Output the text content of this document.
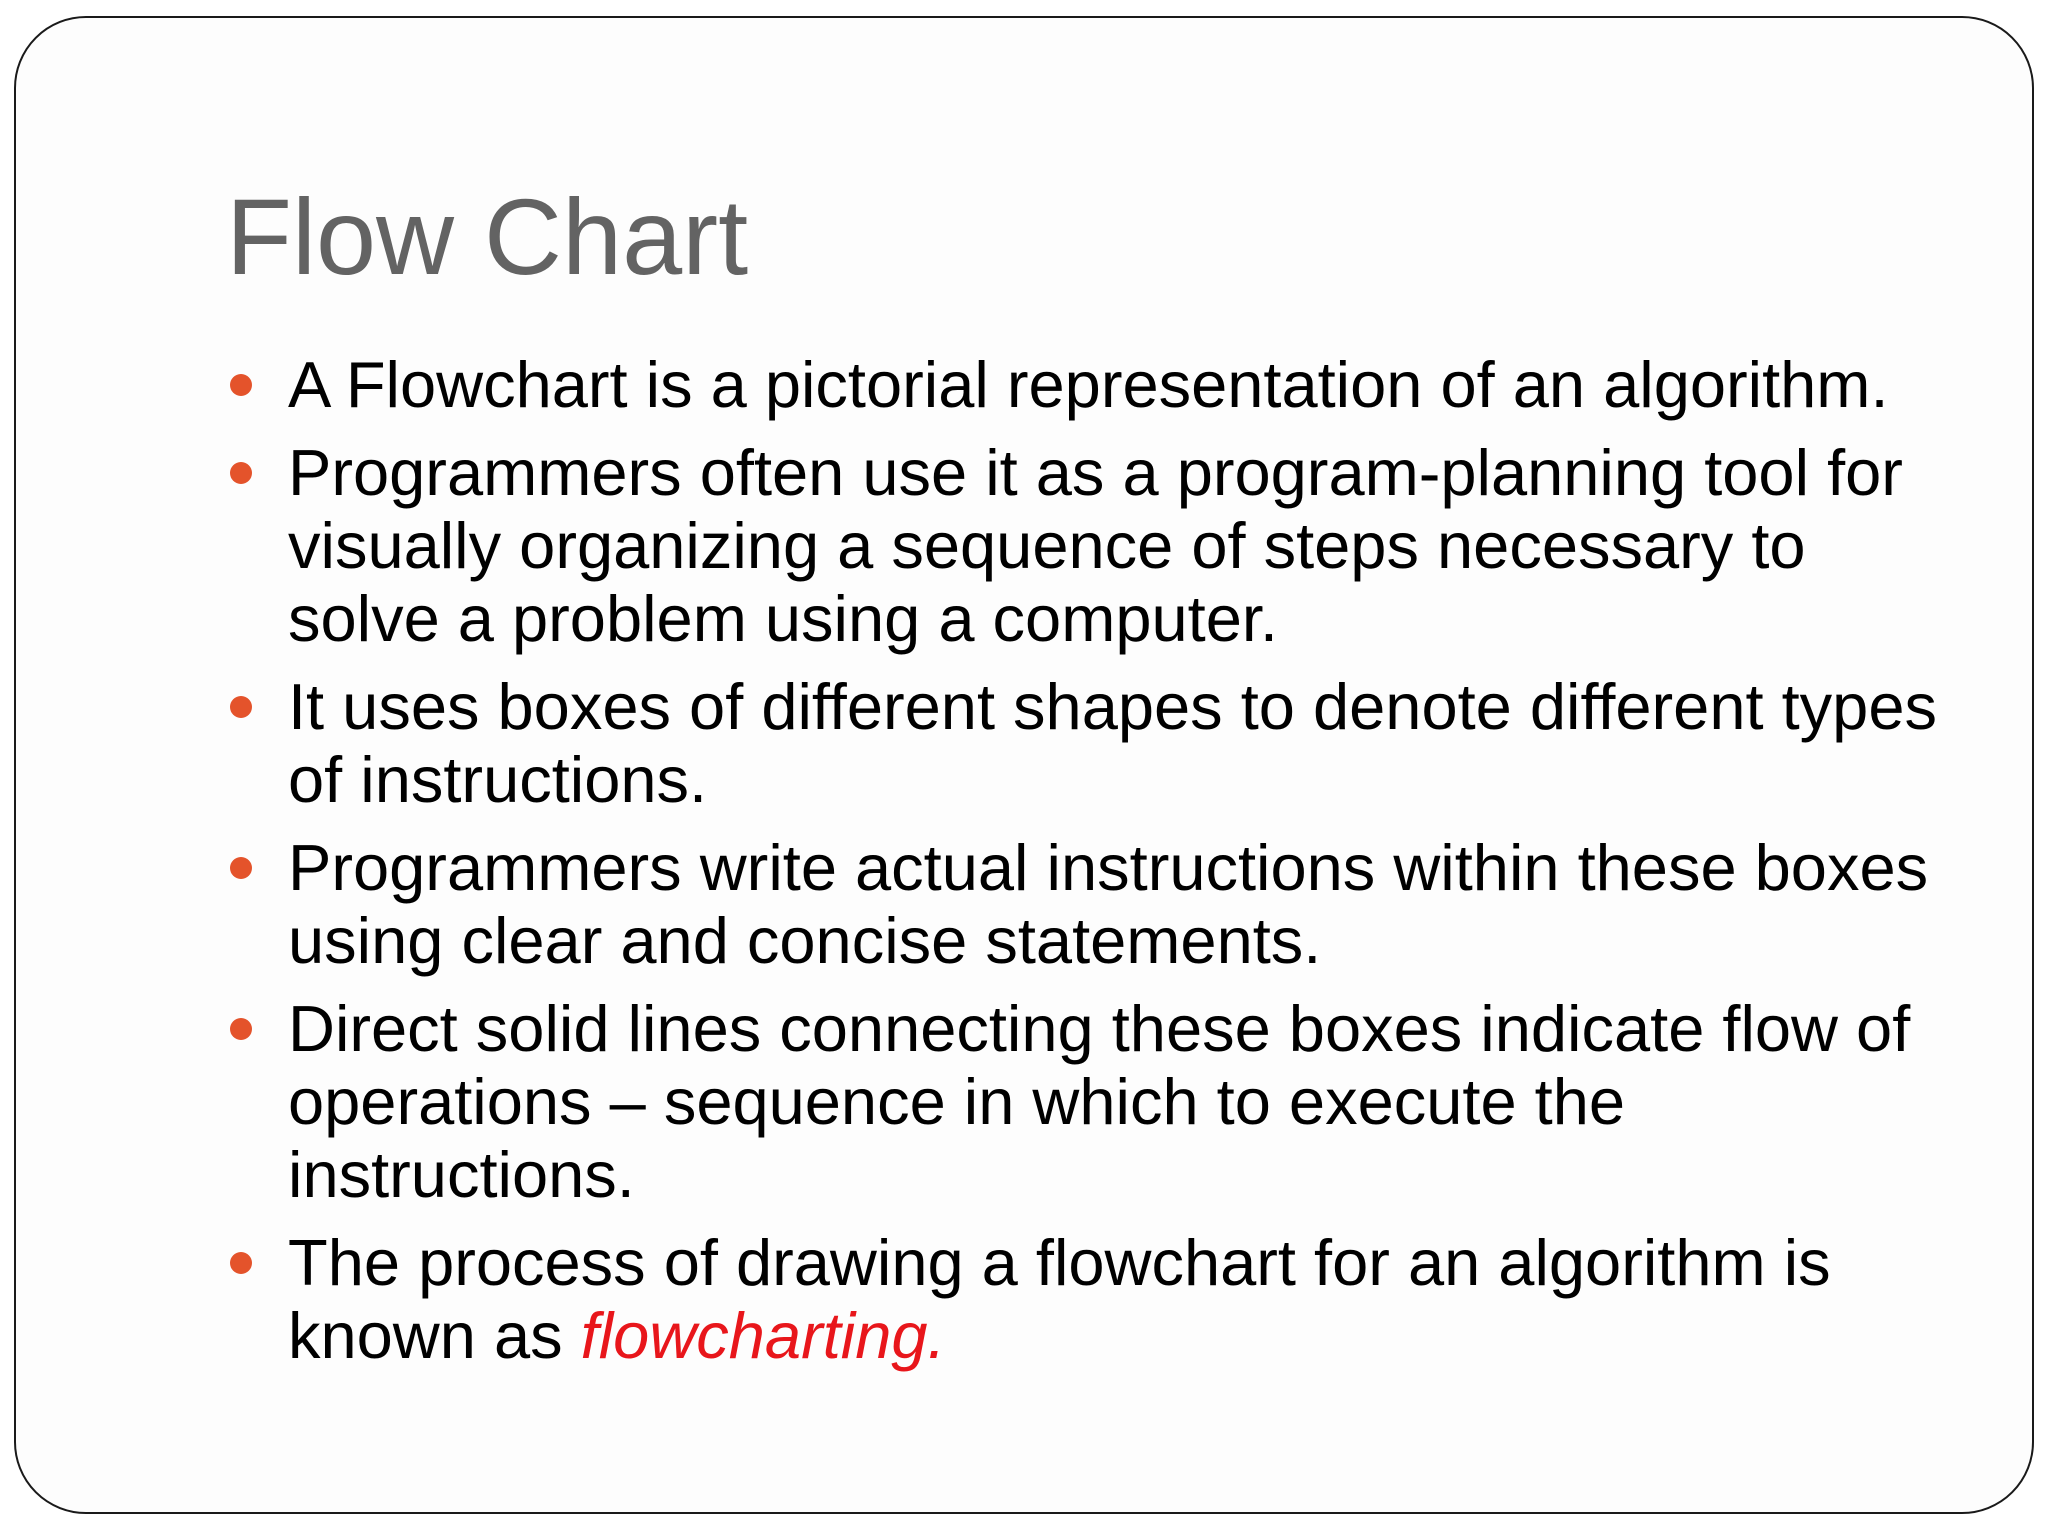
Flow Chart
A Flowchart is a pictorial representation of an algorithm.
Programmers often use it as a program-planning tool for visually organizing a sequence of steps necessary to solve a problem using a computer.
It uses boxes of different shapes to denote different types of instructions.
Programmers write actual instructions within these boxes using clear and concise statements.
Direct solid lines connecting these boxes indicate flow of operations – sequence in which to execute the instructions.
The process of drawing a flowchart for an algorithm is known as flowcharting.
